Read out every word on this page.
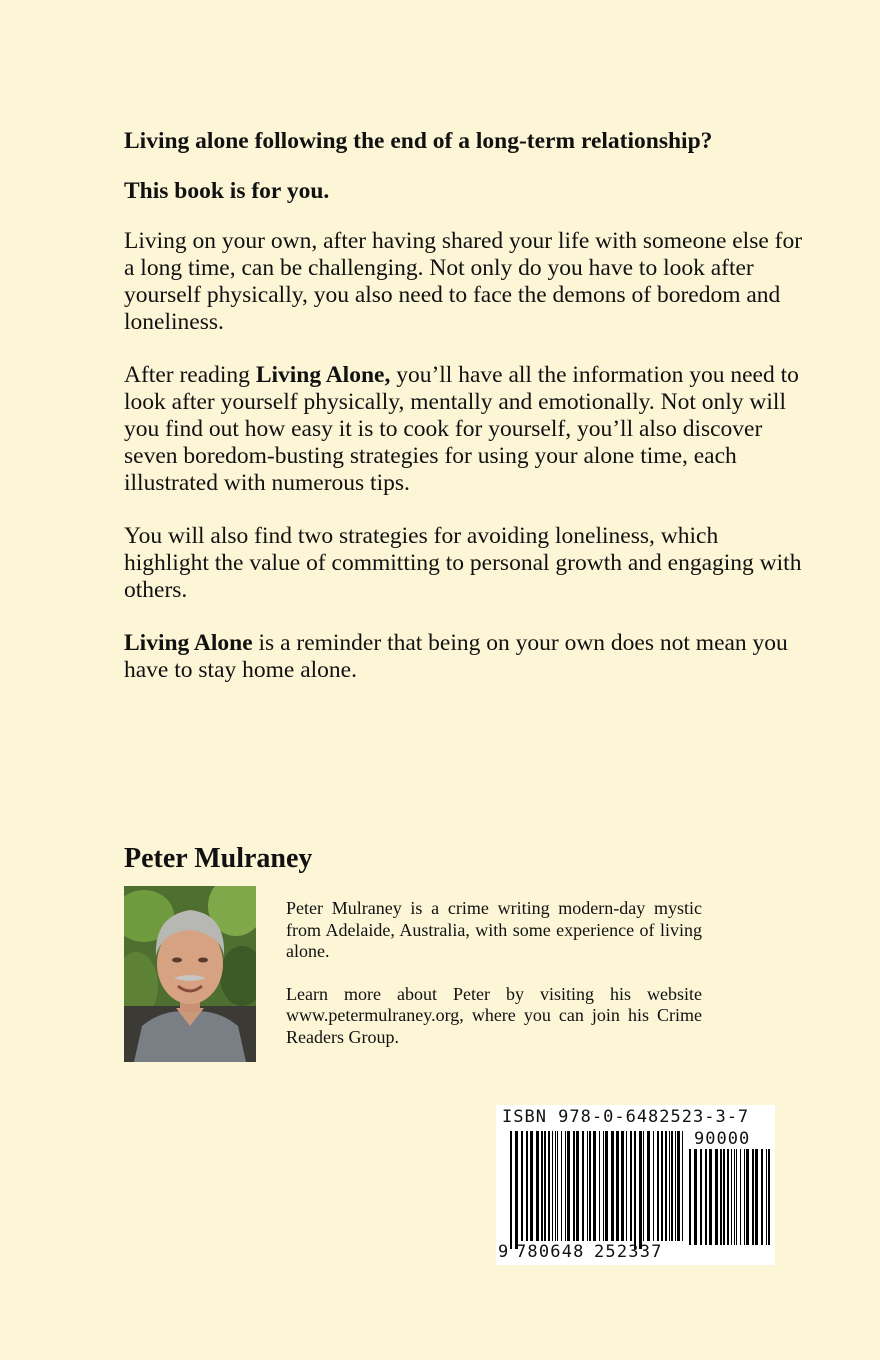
Living alone following the end of a long-term relationship?

This book is for you.

Living on your own, after having shared your life with someone else for a long time, can be challenging. Not only do you have to look after yourself physically, you also need to face the demons of boredom and loneliness.

After reading Living Alone, you’ll have all the information you need to look after yourself physically, mentally and emotionally. Not only will you find out how easy it is to cook for yourself, you’ll also discover seven boredom-busting strategies for using your alone time, each illustrated with numerous tips.

You will also find two strategies for avoiding loneliness, which highlight the value of committing to personal growth and engaging with others.

Living Alone is a reminder that being on your own does not mean you have to stay home alone.

Peter Mulraney

Peter Mulraney is a crime writing modern-day mystic from Adelaide, Australia, with some experience of living alone.

Learn more about Peter by visiting his website www.petermulraney.org, where you can join his Crime Readers Group.

ISBN 978-0-6482523-3-7
90000
9 780648 252337
